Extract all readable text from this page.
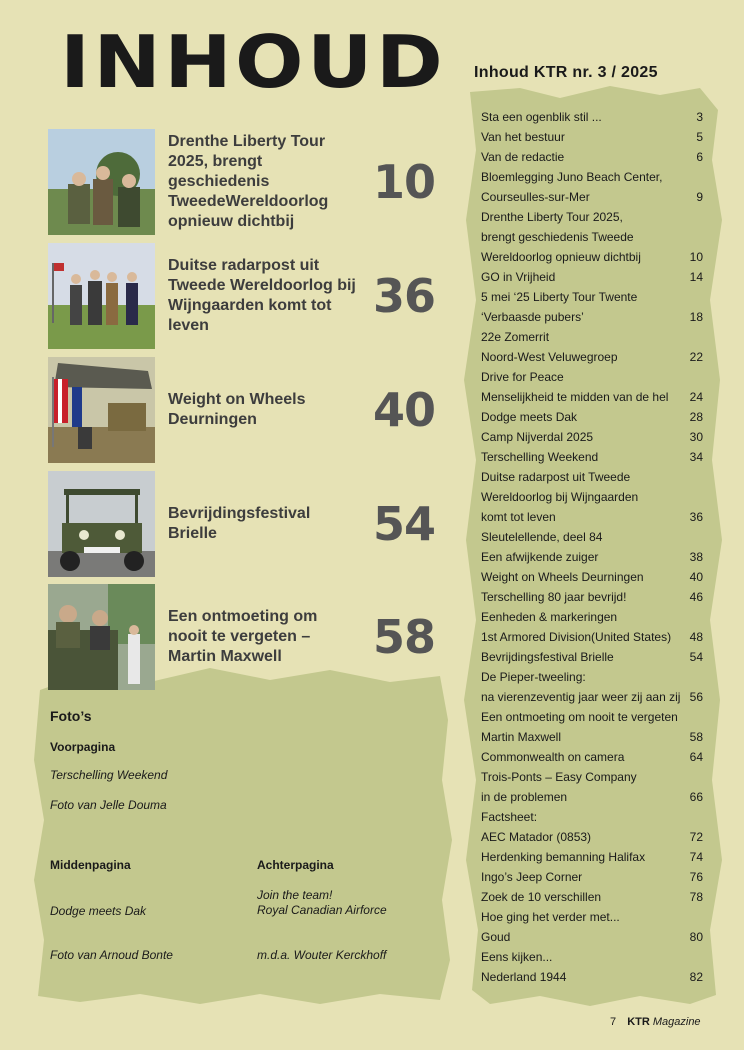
INHOUD Inhoud KTR nr. 3 / 2025
Drenthe Liberty Tour 2025, brengt geschiedenis TweedeWereldoorlog opnieuw dichtbij
10
Duitse radarpost uit Tweede Wereldoorlog bij Wijngaarden komt tot leven
36
Weight on Wheels Deurningen	40
Bevrijdingsfestival Brielle	54
Een ontmoeting om nooit te vergeten – Martin Maxwell	58
Foto’s
Voorpagina
Terschelling Weekend
Foto van Jelle Douma
Middenpagina
Dodge meets Dak
Foto van Arnoud Bonte
Achterpagina
Join the team!
Royal Canadian Airforce
m.d.a. Wouter Kerckhoff
Sta een ogenblik stil ...	3
Van het bestuur	5
Van de redactie	6
Bloemlegging Juno Beach Center,
Courseulles-sur-Mer	9
Drenthe Liberty Tour 2025,
brengt geschiedenis Tweede
Wereldoorlog opnieuw dichtbij	10
GO in Vrijheid	14
5 mei ‘25 Liberty Tour Twente
‘Verbaasde pubers’	18
22e Zomerrit
Noord-West Veluwegroep	22
Drive for Peace
Menselijkheid te midden van de hel 24
Dodge meets Dak	28
Camp Nijverdal 2025	30
Terschelling Weekend	34
Duitse radarpost uit Tweede
Wereldoorlog bij Wijngaarden
komt tot leven	36
Sleutelellende, deel 84
Een afwijkende zuiger	38
Weight on Wheels Deurningen	40
Terschelling 80 jaar bevrijd!	46
Eenheden & markeringen
1st Armored Division(United States) 48
Bevrijdingsfestival Brielle	54
De Pieper-tweeling:
na vierenzeventig jaar weer zij aan zij 56
Een ontmoeting om nooit te vergeten
Martin Maxwell	58
Commonwealth on camera	64
Trois-Ponts – Easy Company
in de problemen	66
Factsheet:
AEC Matador (0853)	72
Herdenking bemanning Halifax	74
Ingo’s Jeep Corner	76
Zoek de 10 verschillen	78
Hoe ging het verder met...
Goud	80
Eens kijken...
Nederland 1944	82
7 KTR Magazine
